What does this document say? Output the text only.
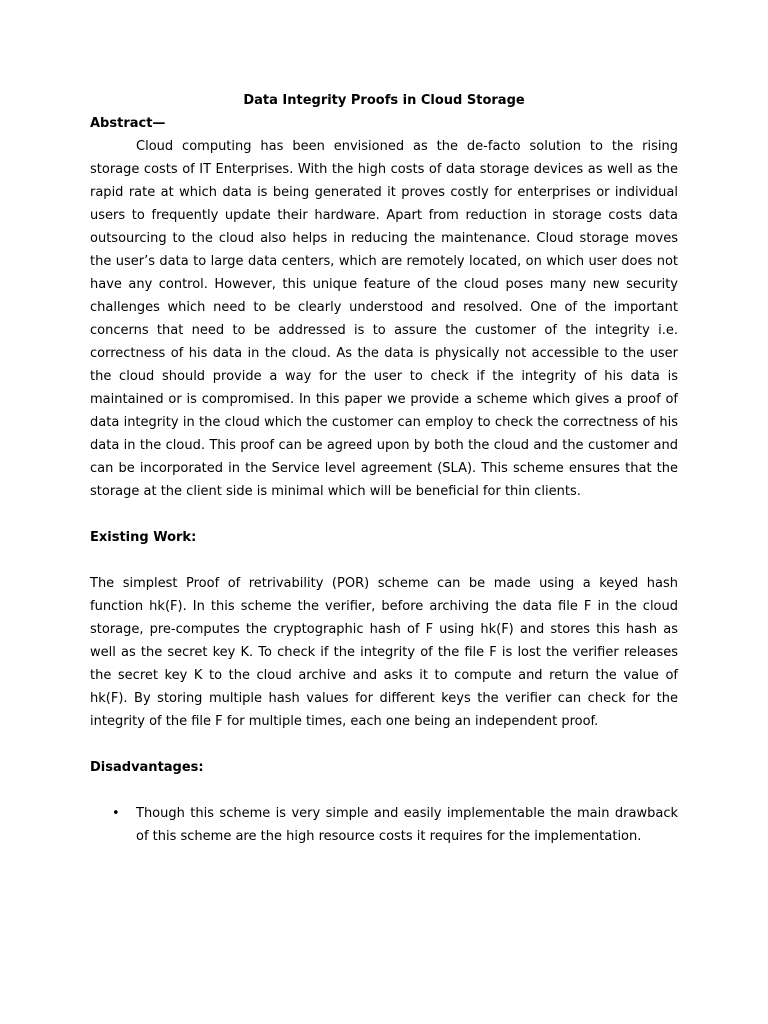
Data Integrity Proofs in Cloud Storage
Abstract—

Cloud computing has been envisioned as the de-facto solution to the rising storage costs of IT Enterprises. With the high costs of data storage devices as well as the rapid rate at which data is being generated it proves costly for enterprises or individual users to frequently update their hardware. Apart from reduction in storage costs data outsourcing to the cloud also helps in reducing the maintenance. Cloud storage moves the user’s data to large data centers, which are remotely located, on which user does not have any control. However, this unique feature of the cloud poses many new security challenges which need to be clearly understood and resolved. One of the important concerns that need to be addressed is to assure the customer of the integrity i.e. correctness of his data in the cloud. As the data is physically not accessible to the user the cloud should provide a way for the user to check if the integrity of his data is maintained or is compromised. In this paper we provide a scheme which gives a proof of data integrity in the cloud which the customer can employ to check the correctness of his data in the cloud. This proof can be agreed upon by both the cloud and the customer and can be incorporated in the Service level agreement (SLA). This scheme ensures that the storage at the client side is minimal which will be beneficial for thin clients.

Existing Work:

The simplest Proof of retrivability (POR) scheme can be made using a keyed hash function hk(F). In this scheme the verifier, before archiving the data file F in the cloud storage, pre-computes the cryptographic hash of F using hk(F) and stores this hash as well as the secret key K. To check if the integrity of the file F is lost the verifier releases the secret key K to the cloud archive and asks it to compute and return the value of hk(F). By storing multiple hash values for different keys the verifier can check for the integrity of the file F for multiple times, each one being an independent proof.

Disadvantages:
• Though this scheme is very simple and easily implementable the main drawback of this scheme are the high resource costs it requires for the implementation.
